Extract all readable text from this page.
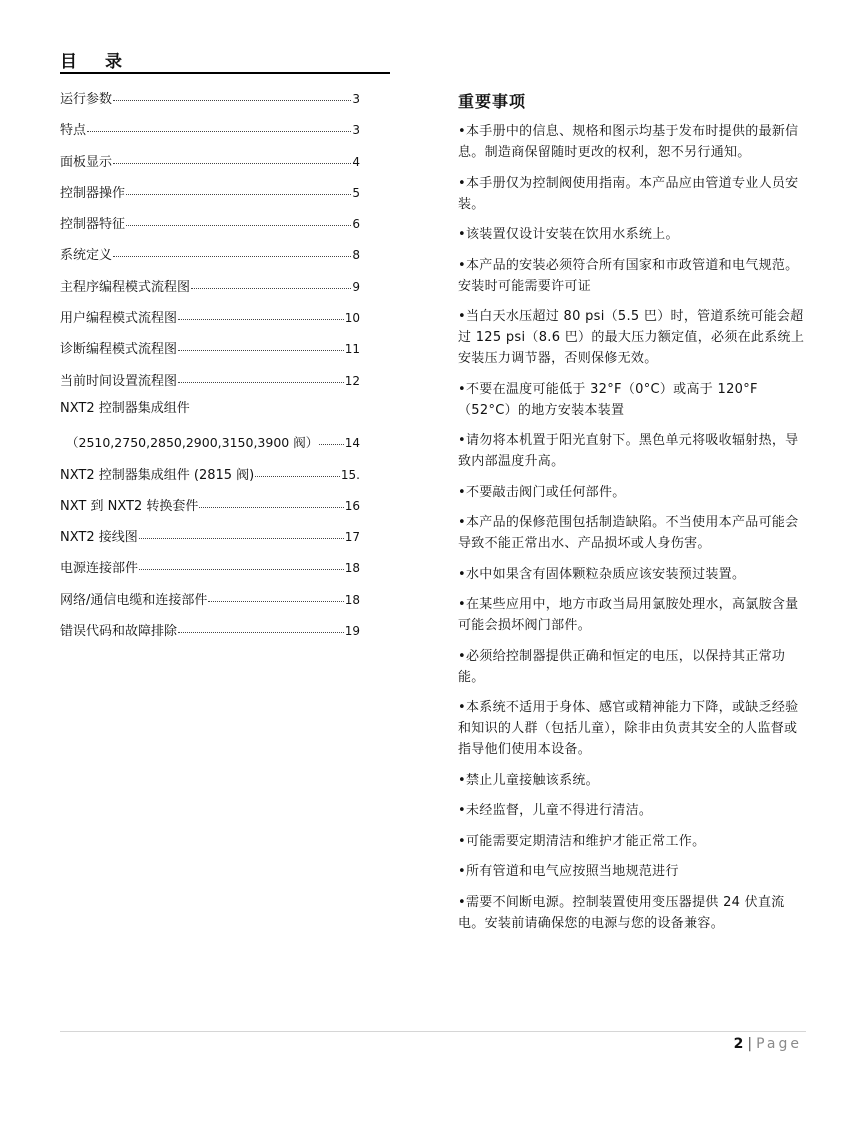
目 录
运行参数	3
特点	3
面板显示	4
控制器操作	5
控制器特征	6
系统定义	8
主程序编程模式流程图	9
用户编程模式流程图	10
诊断编程模式流程图	11
当前时间设置流程图	12
NXT2 控制器集成组件
（2510,2750,2850,2900,3150,3900 阀） 14
NXT2 控制器集成组件 (2815 阀)	15.
NXT 到 NXT2 转换套件	16
NXT2 接线图	17
电源连接部件	18
网络/通信电缆和连接部件	18
错误代码和故障排除	19
重要事项
•本手册中的信息、规格和图示均基于发布时提供的最新信息。制造商保留随时更改的权利，恕不另行通知。
•本手册仅为控制阀使用指南。本产品应由管道专业人员安装。
•该装置仅设计安装在饮用水系统上。
•本产品的安装必须符合所有国家和市政管道和电气规范。安装时可能需要许可证
•当白天水压超过 80 psi（5.5 巴）时，管道系统可能会超过 125 psi（8.6 巴）的最大压力额定值，必须在此系统上安装压力调节器，否则保修无效。
•不要在温度可能低于 32°F（0°C）或高于 120°F（52°C）的地方安装本装置
•请勿将本机置于阳光直射下。黑色单元将吸收辐射热，导致内部温度升高。
•不要敲击阀门或任何部件。
•本产品的保修范围包括制造缺陷。不当使用本产品可能会导致不能正常出水、产品损坏或人身伤害。
•水中如果含有固体颗粒杂质应该安装预过装置。
•在某些应用中，地方市政当局用氯胺处理水，高氯胺含量可能会损坏阀门部件。
•必须给控制器提供正确和恒定的电压，以保持其正常功能。
•本系统不适用于身体、感官或精神能力下降，或缺乏经验和知识的人群（包括儿童），除非由负责其安全的人监督或指导他们使用本设备。
•禁止儿童接触该系统。
•未经监督，儿童不得进行清洁。
•可能需要定期清洁和维护才能正常工作。
•所有管道和电气应按照当地规范进行
•需要不间断电源。控制装置使用变压器提供 24 伏直流电。安装前请确保您的电源与您的设备兼容。
2 | Page
